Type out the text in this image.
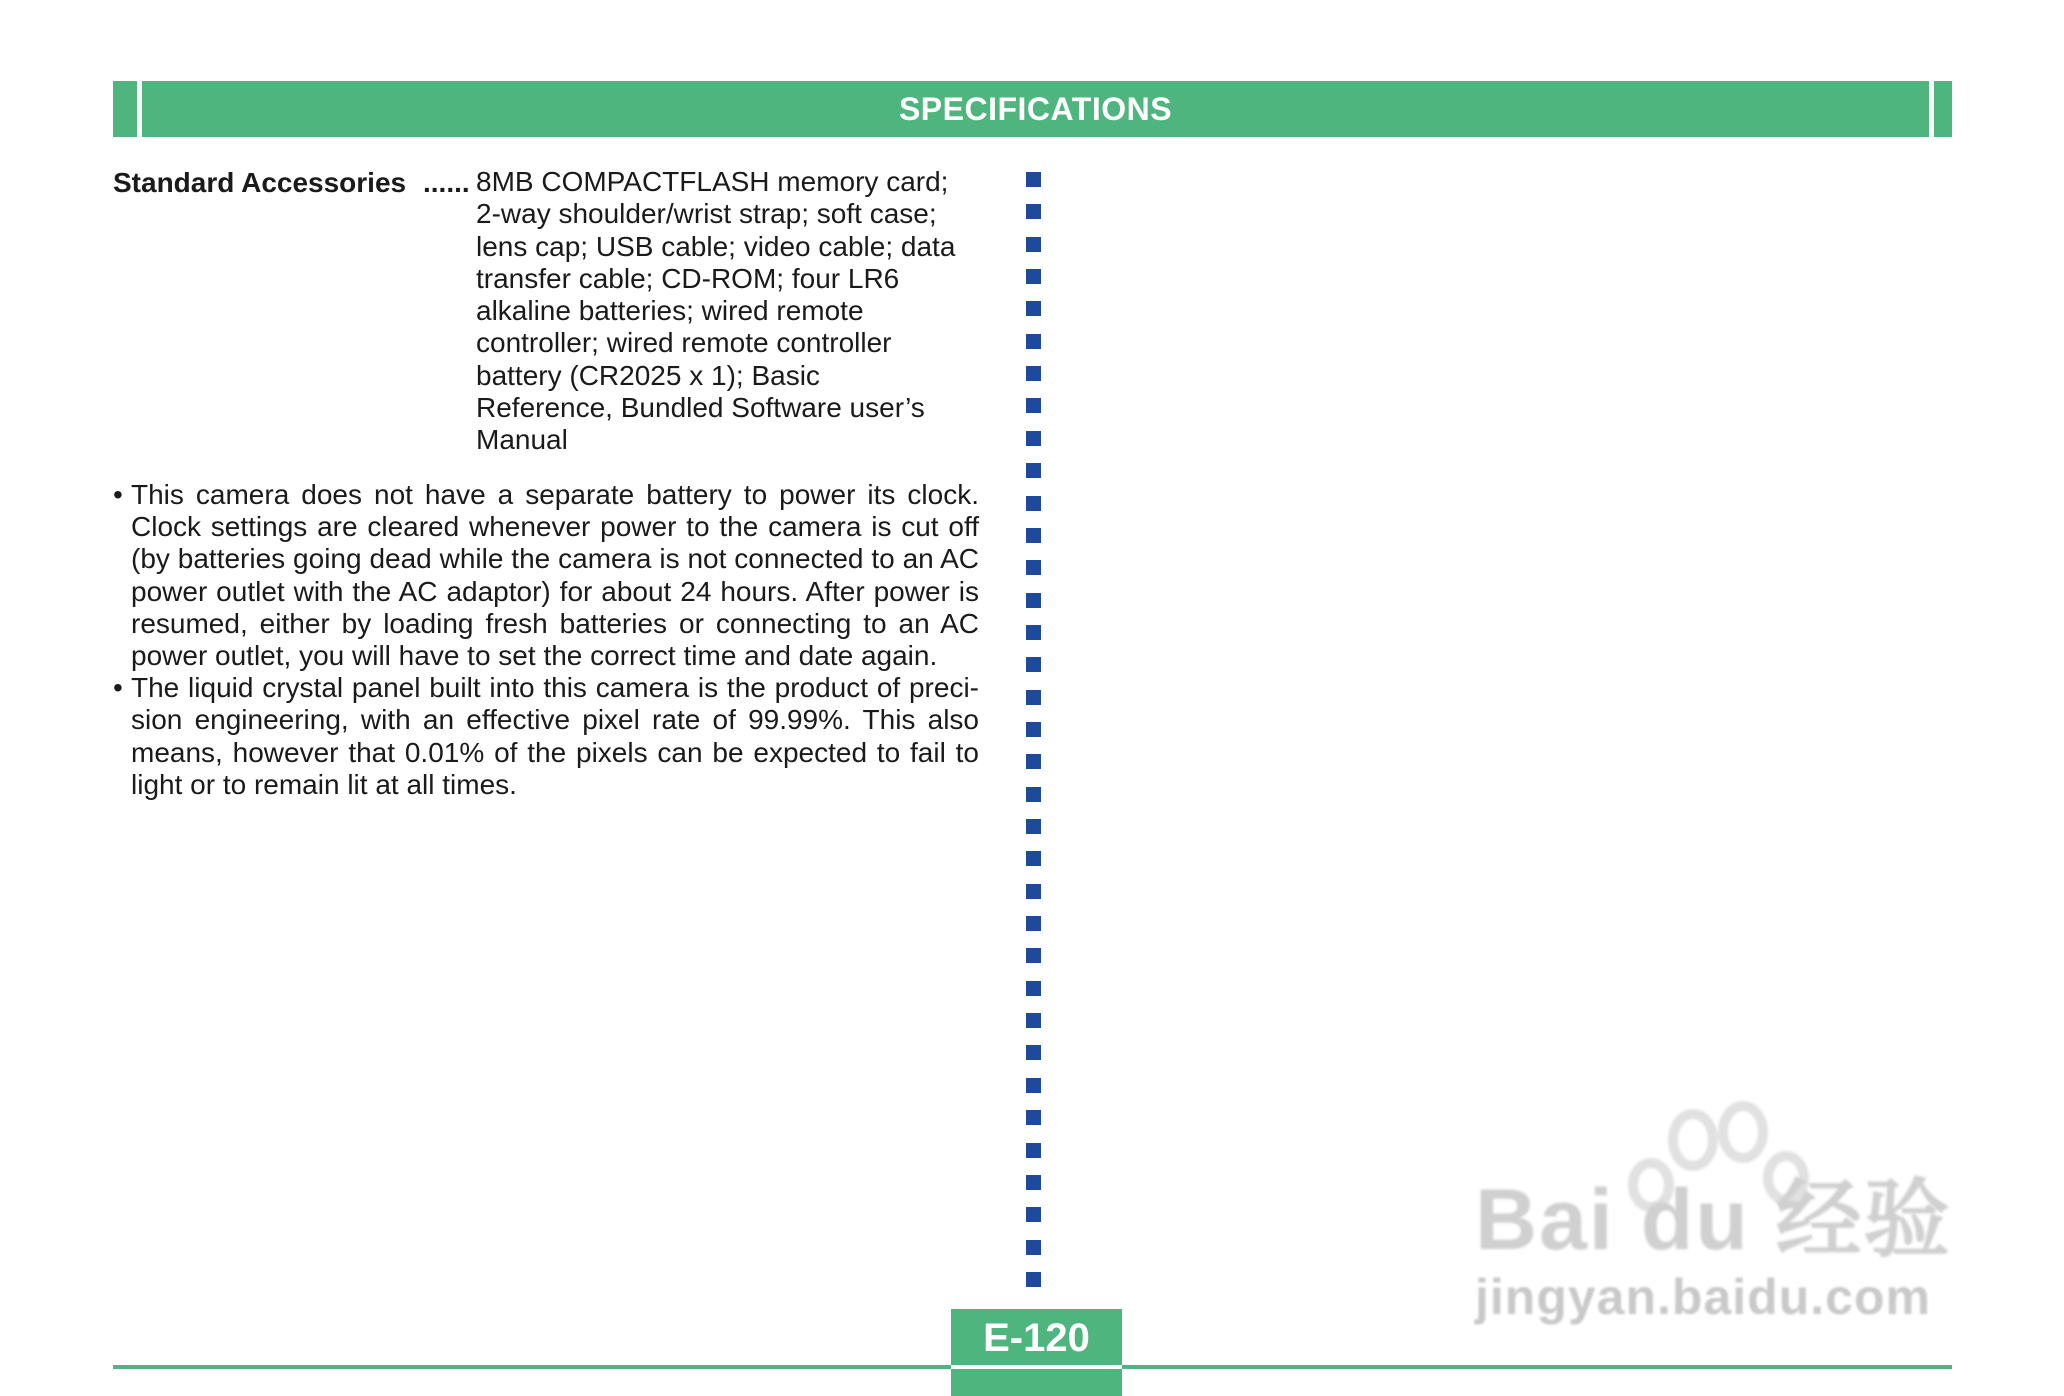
SPECIFICATIONS
Standard Accessories ...... 8MB COMPACTFLASH memory card;
2-way shoulder/wrist strap; soft case;
lens cap; USB cable; video cable; data
transfer cable; CD-ROM; four LR6
alkaline batteries; wired remote
controller; wired remote controller
battery (CR2025 x 1); Basic
Reference, Bundled Software user’s
Manual
• This camera does not have a separate battery to power its clock. Clock settings are cleared whenever power to the camera is cut off (by batteries going dead while the camera is not connected to an AC power outlet with the AC adaptor) for about 24 hours. After power is resumed, either by loading fresh batteries or connecting to an AC power outlet, you will have to set the correct time and date again.
• The liquid crystal panel built into this camera is the product of preci- sion engineering, with an effective pixel rate of 99.99%. This also means, however that 0.01% of the pixels can be expected to fail to light or to remain lit at all times.
E-120
jingyan.baidu.com
Bai du 经验
